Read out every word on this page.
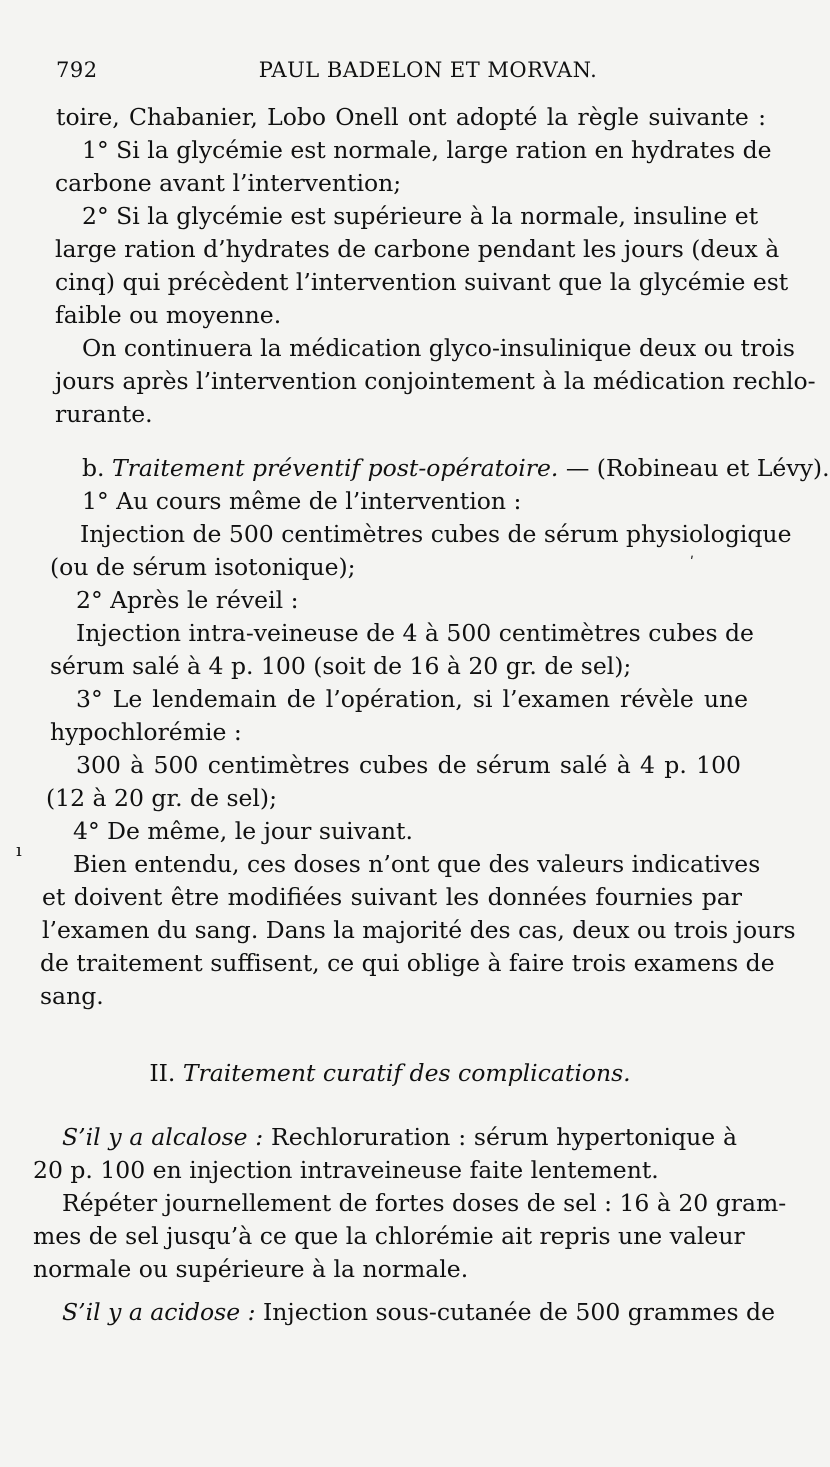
792	PAUL BADELON ET MORVAN.
toire, Chabanier, Lobo Onell ont adopté la règle suivante :
1° Si la glycémie est normale, large ration en hydrates de
carbone avant l’intervention;
2° Si la glycémie est supérieure à la normale, insuline et
large ration d’hydrates de carbone pendant les jours (deux à
cinq) qui précèdent l’intervention suivant que la glycémie est
faible ou moyenne.
On continuera la médication glyco-insulinique deux ou trois
jours après l’intervention conjointement à la médication rechlo-
rurante.
b. Traitement préventif post-opératoire. — (Robineau et Lévy).
1° Au cours même de l’intervention :
Injection de 500 centimètres cubes de sérum physiologique
(ou de sérum isotonique);
2° Après le réveil :
Injection intra-veineuse de 4 à 500 centimètres cubes de
sérum salé à 4 p. 100 (soit de 16 à 20 gr. de sel);
3° Le lendemain de l’opération, si l’examen révèle une
hypochlorémie :
300 à 500 centimètres cubes de sérum salé à 4 p. 100
(12 à 20 gr. de sel);
4° De même, le jour suivant.
Bien entendu, ces doses n’ont que des valeurs indicatives
et doivent être modifiées suivant les données fournies par
l’examen du sang. Dans la majorité des cas, deux ou trois jours
de traitement suffisent, ce qui oblige à faire trois examens de
sang.
II. Traitement curatif des complications.
S’il y a alcalose : Rechloruration : sérum hypertonique à
20 p. 100 en injection intraveineuse faite lentement.
Répéter journellement de fortes doses de sel : 16 à 20 gram-
mes de sel jusqu’à ce que la chlorémie ait repris une valeur
normale ou supérieure à la normale.
S’il y a acidose : Injection sous-cutanée de 500 grammes de
ı
ʹ
